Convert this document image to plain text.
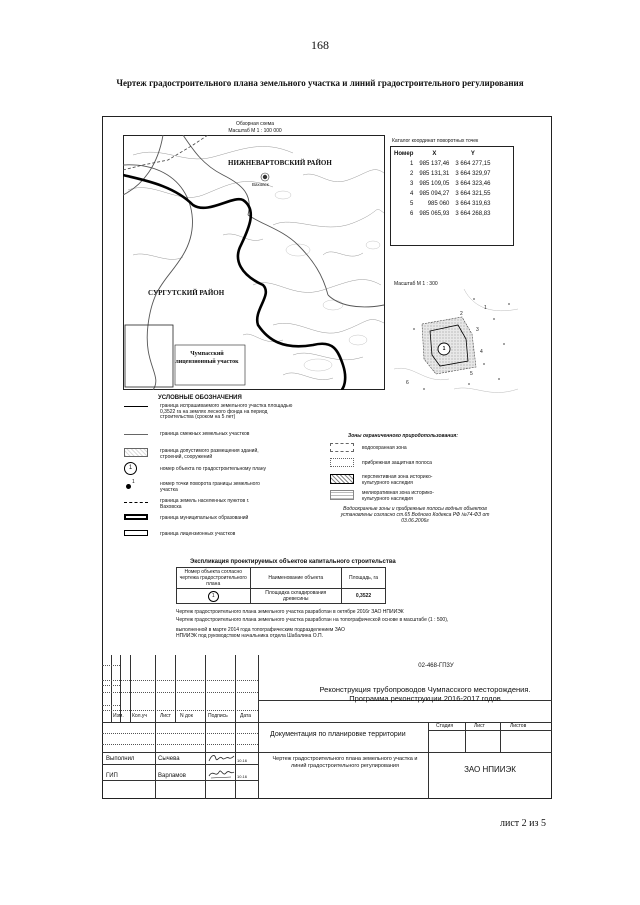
168
Чертеж градостроительного плана земельного участка и линий градостроительного регулирования
Обзорная схема
Масштаб М 1 : 100 000
НИЖНЕВАРТОВСКИЙ РАЙОН
Ваховск
СУРГУТСКИЙ РАЙОН
Чумпасский лицензионный участок
Каталог координат поворотных точек
Номер	X	Y
1	985 137,46	3 664 277,15
2	985 131,31	3 664 329,97
3	985 109,05	3 664 323,46
4	985 094,27	3 664 321,55
5	985 060	3 664 319,63
6	985 065,93	3 664 268,83
Масштаб М 1 : 300
2
3
4
5
6
1
1
УСЛОВНЫЕ ОБОЗНАЧЕНИЯ
граница испрашиваемого земельного участка площадью 0,3522 га на землях лесного фонда на период строительства (сроком на 5 лет)
граница смежных земельных участков
граница допустимого размещения зданий, строений, сооружений
1	номер объекта по градостроительному плану
1	номер точки поворота границы земельного участка
граница земель населенных пунктов г. Ваховска
граница муниципальных образований
граница лицензионных участков
Зоны ограниченного природопользования:
водоохранная зона
прибрежная защитная полоса
перспективная зона историко-культурного наследия
мелиоративная зона историко-культурного наследия
Водоохранные зоны и прибрежные полосы водных объектов установлены согласно ст.65 Водного Кодекса РФ №74-ФЗ от 03.06.2006г
Экспликация проектируемых объектов капитального строительства
Номер объекта согласно чертежа градостроительного плана	Наименование объекта	Площадь, га
1	Площадка складирования древесины	0,3522
Чертеж градостроительного плана земельного участка разработан в октябре 2016г ЗАО НПИИЭК
Чертеж градостроительного плана земельного участка разработан на топографической основе в масштабе (1 : 500),
выполненной в марте 2014 года топографическим подразделением ЗАО НПИИЭК под руководством начальника отдела Шабалина О.П.
02-468-ГП3У
Реконструкция трубопроводов Чумпасского месторождения. Программа реконструкции 2016-2017 годов
Изм. Кол.уч	Лист N док	Подпись Дата
Документация по планировке территории
Стадия	Лист	Листов
Выполнил	Сычева	10.16
ГИП	Варламов	10.16
Чертеж градостроительного плана земельного участка и линий градостроительного регулирования	ЗАО НПИИЭК
лист 2 из 5
